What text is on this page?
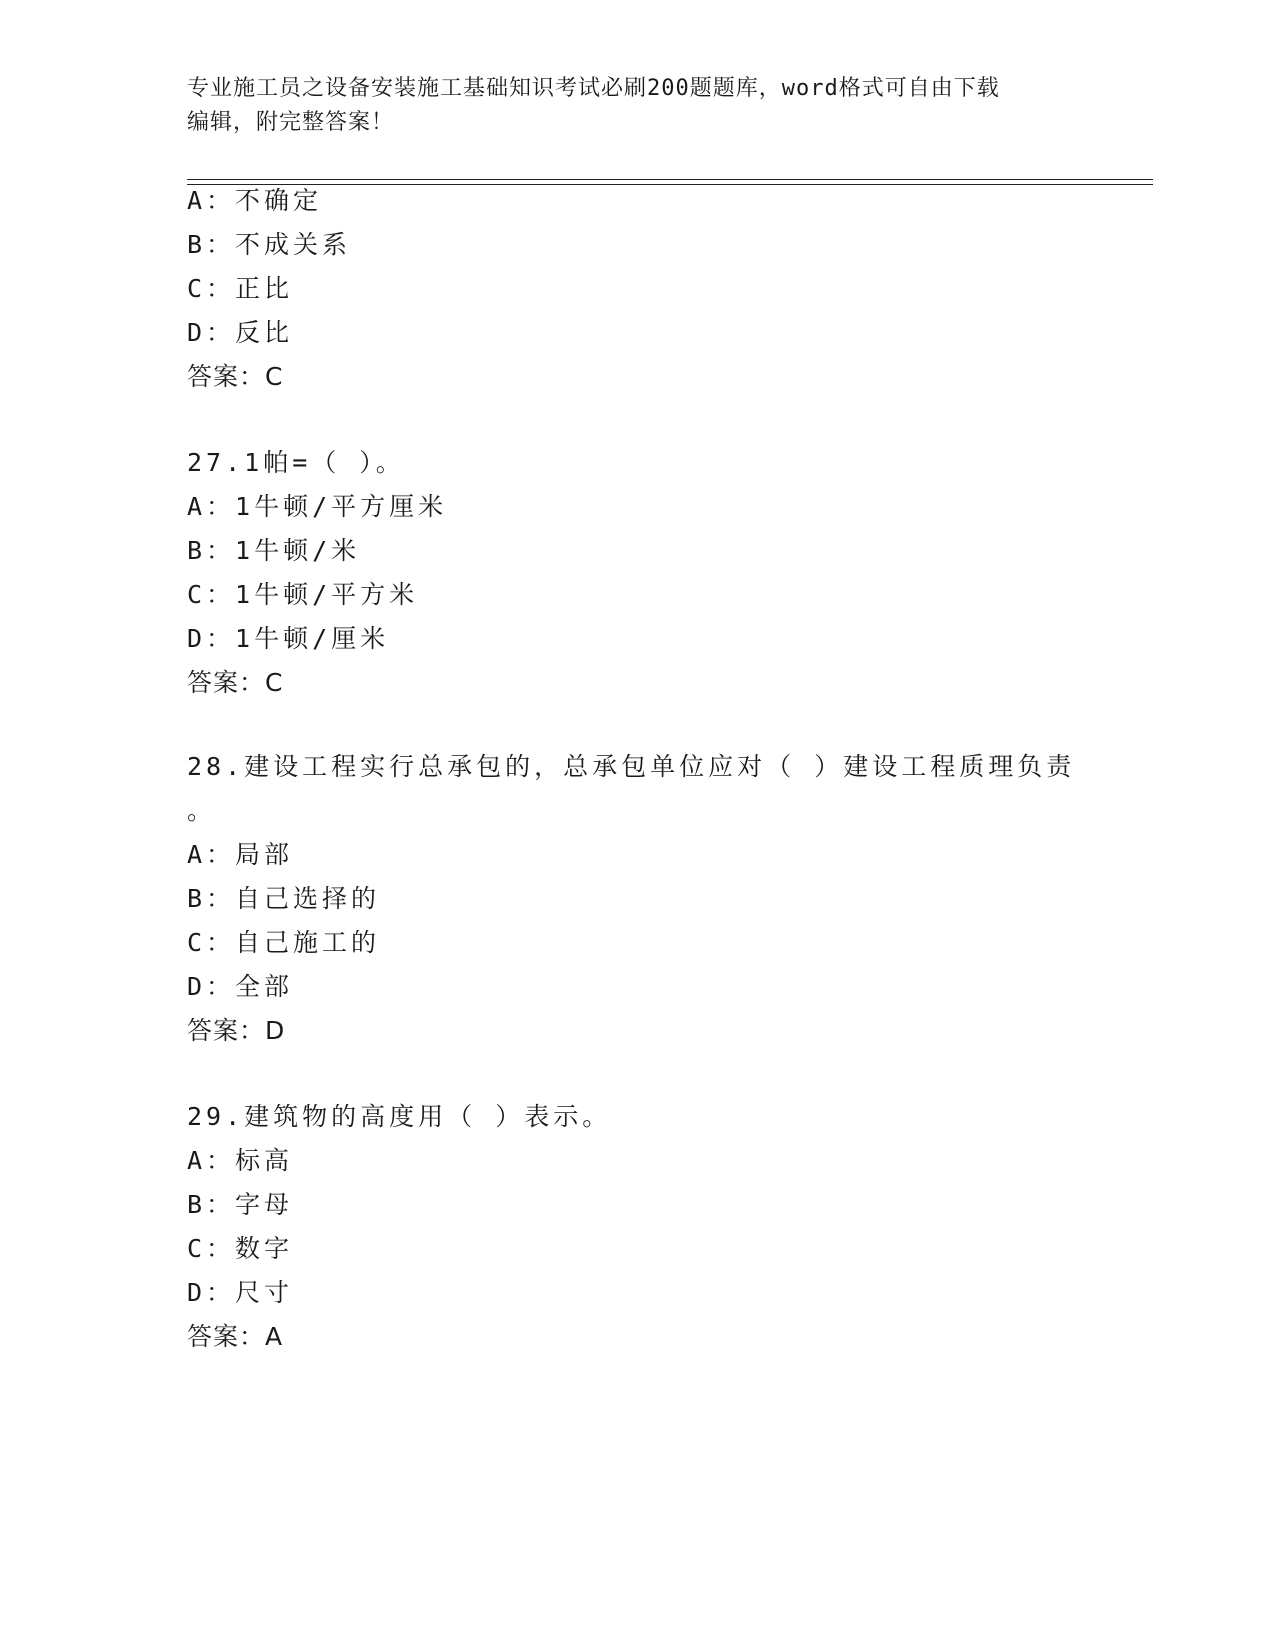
专业施工员之设备安装施工基础知识考试必刷200题题库，word格式可自由下载
编辑，附完整答案！
A：不确定
B：不成关系
C：正比
D：反比
答案：C
27.1帕=（ ）。
A：1牛顿/平方厘米
B：1牛顿/米
C：1牛顿/平方米
D：1牛顿/厘米
答案：C
28.建设工程实行总承包的，总承包单位应对（ ）建设工程质理负责
。
A：局部
B：自己选择的
C：自己施工的
D：全部
答案：D
29.建筑物的高度用（ ）表示。
A：标高
B：字母
C：数字
D：尺寸
答案：A
